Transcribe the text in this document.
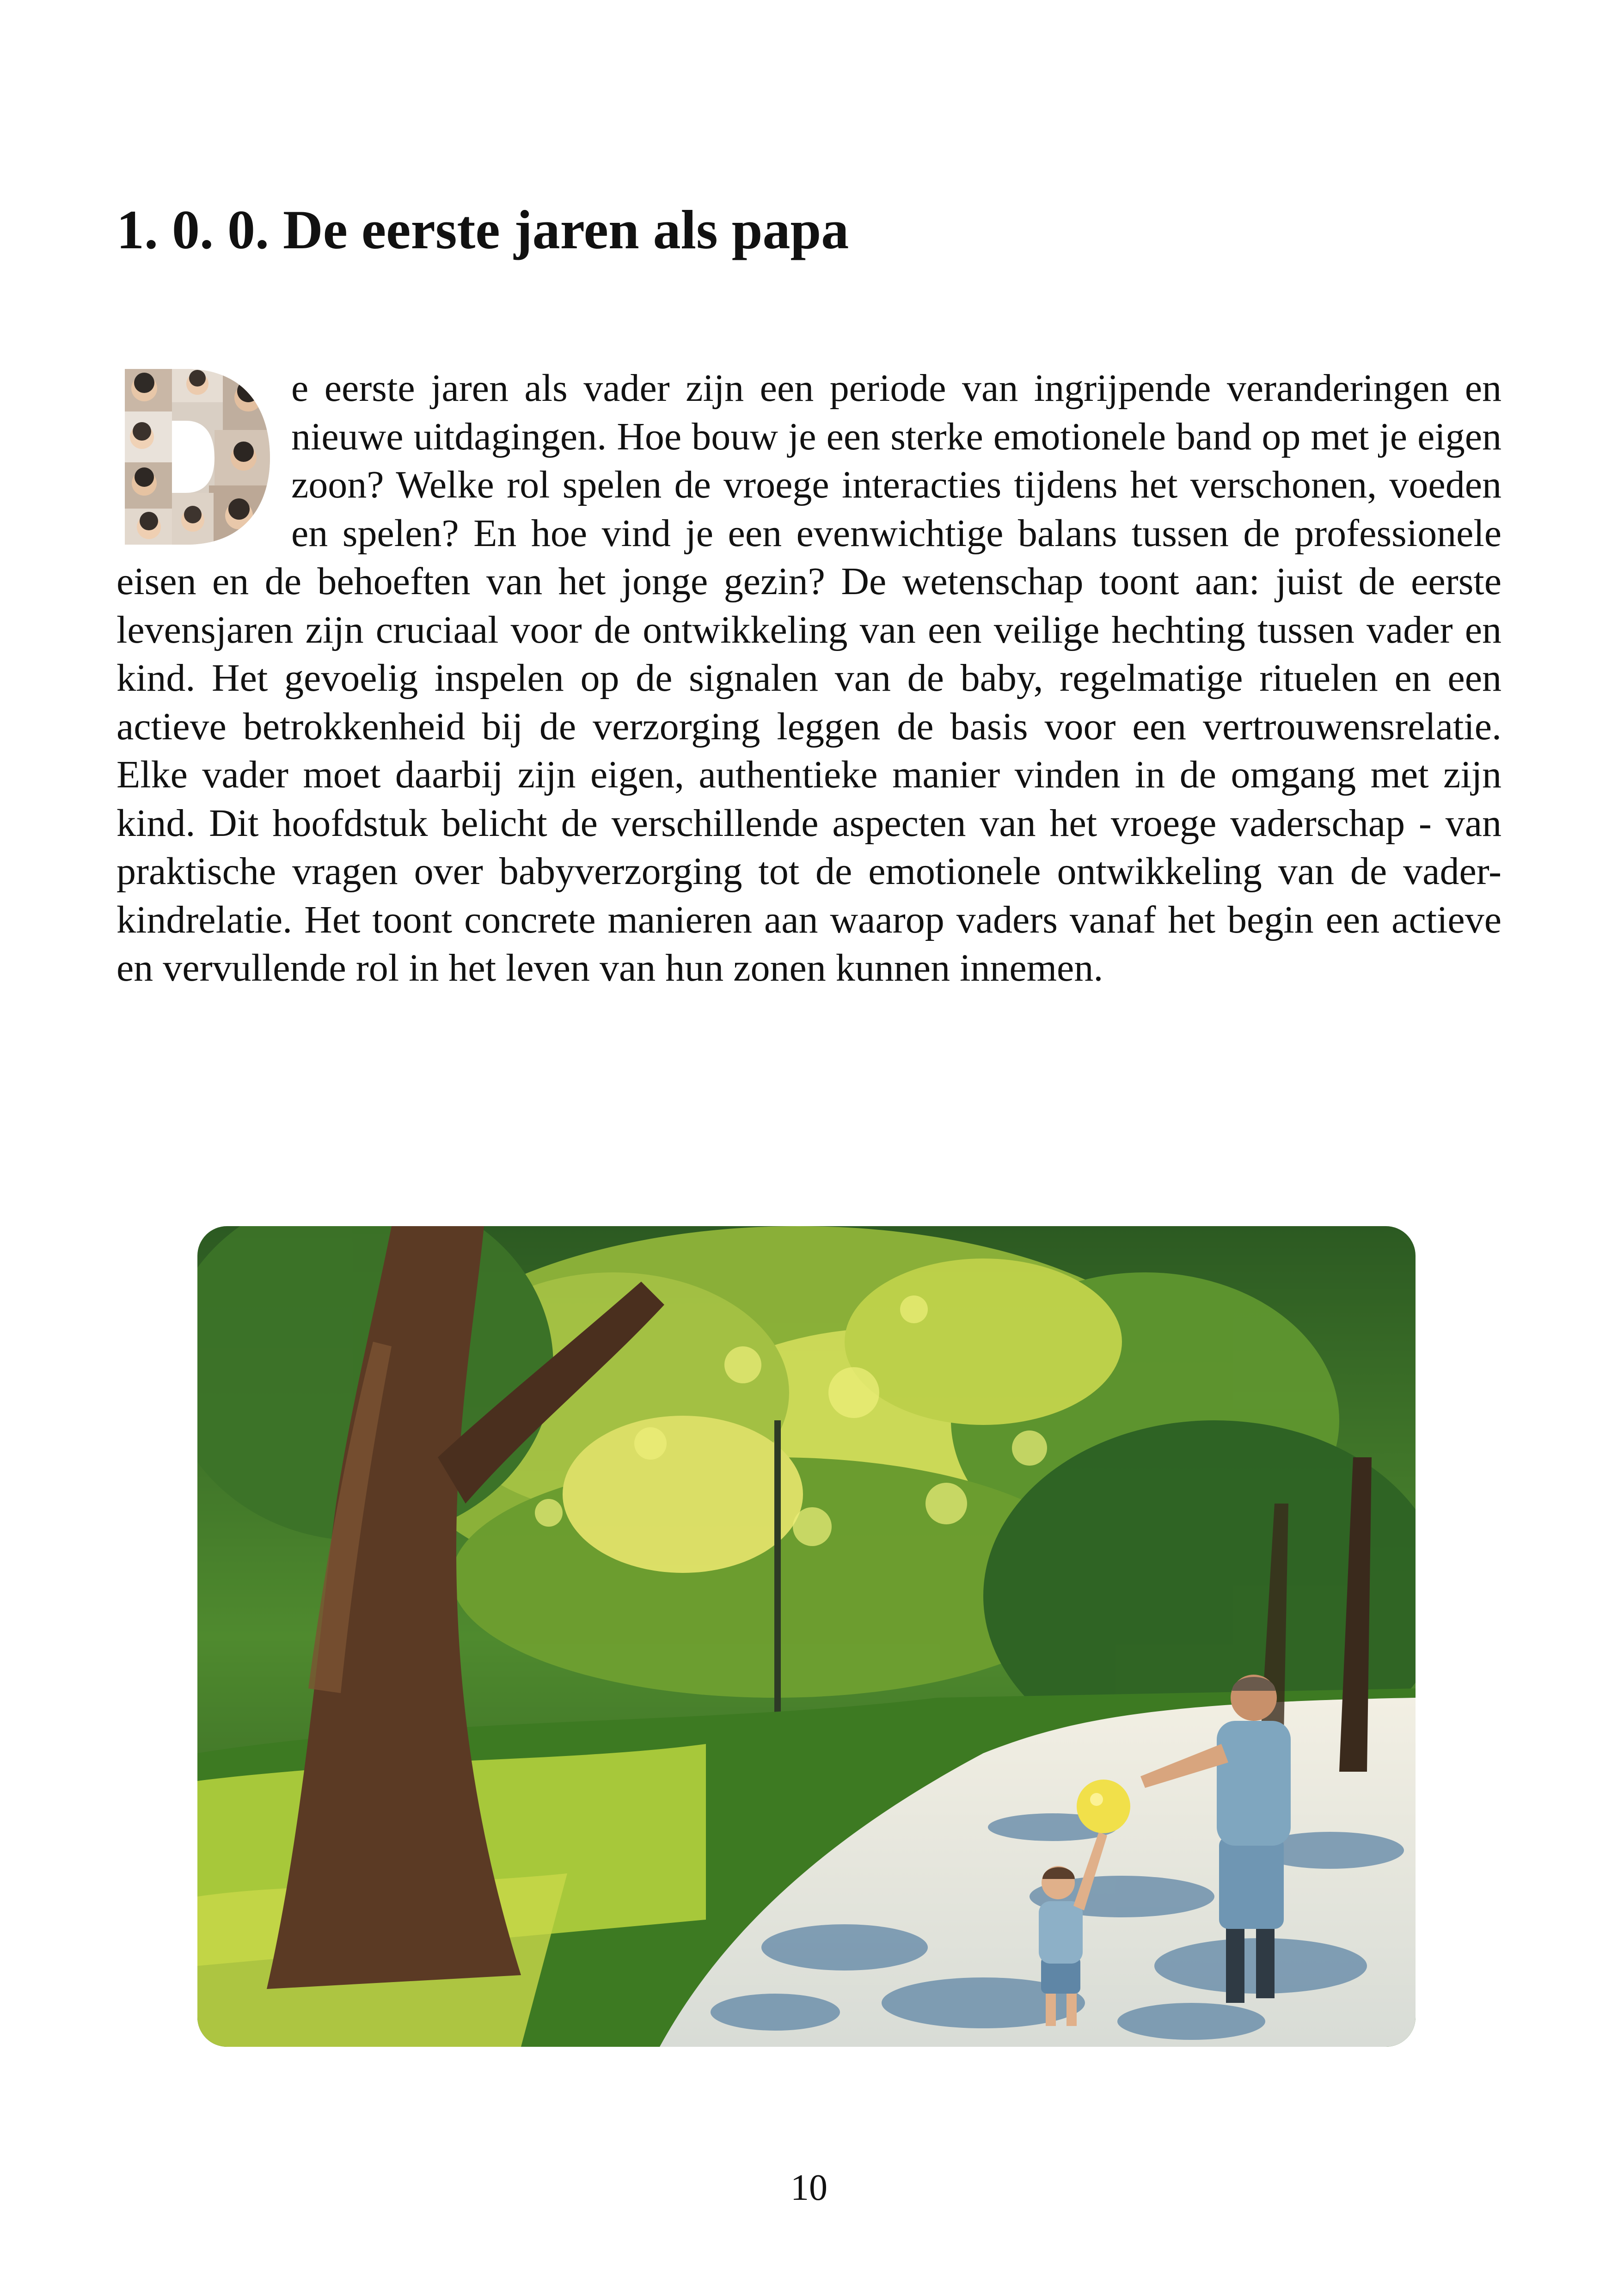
1. 0. 0. De eerste jaren als papa

e eerste jaren als vader zijn een periode van ingrijpende veranderingen en nieuwe uitdagingen. Hoe bouw je een sterke emotionele band op met je eigen zoon? Welke rol spelen de vroege interacties tijdens het verschonen, voeden en spelen? En hoe vind je een evenwichtige balans tussen de professionele eisen en de behoeften van het jonge gezin? De wetenschap toont aan: juist de eerste levensjaren zijn cruciaal voor de ontwikkeling van een veilige hechting tussen vader en kind. Het gevoelig inspelen op de signalen van de baby, regelmatige rituelen en een actieve betrokkenheid bij de verzorging leggen de basis voor een vertrouwensrelatie. Elke vader moet daarbij zijn eigen, authentieke manier vinden in de omgang met zijn kind. Dit hoofdstuk belicht de verschillende aspecten van het vroege vaderschap - van praktische vragen over babyverzorging tot de emotionele ontwikkeling van de vader-kindrelatie. Het toont concrete manieren aan waarop vaders vanaf het begin een actieve en vervullende rol in het leven van hun zonen kunnen innemen.

10
